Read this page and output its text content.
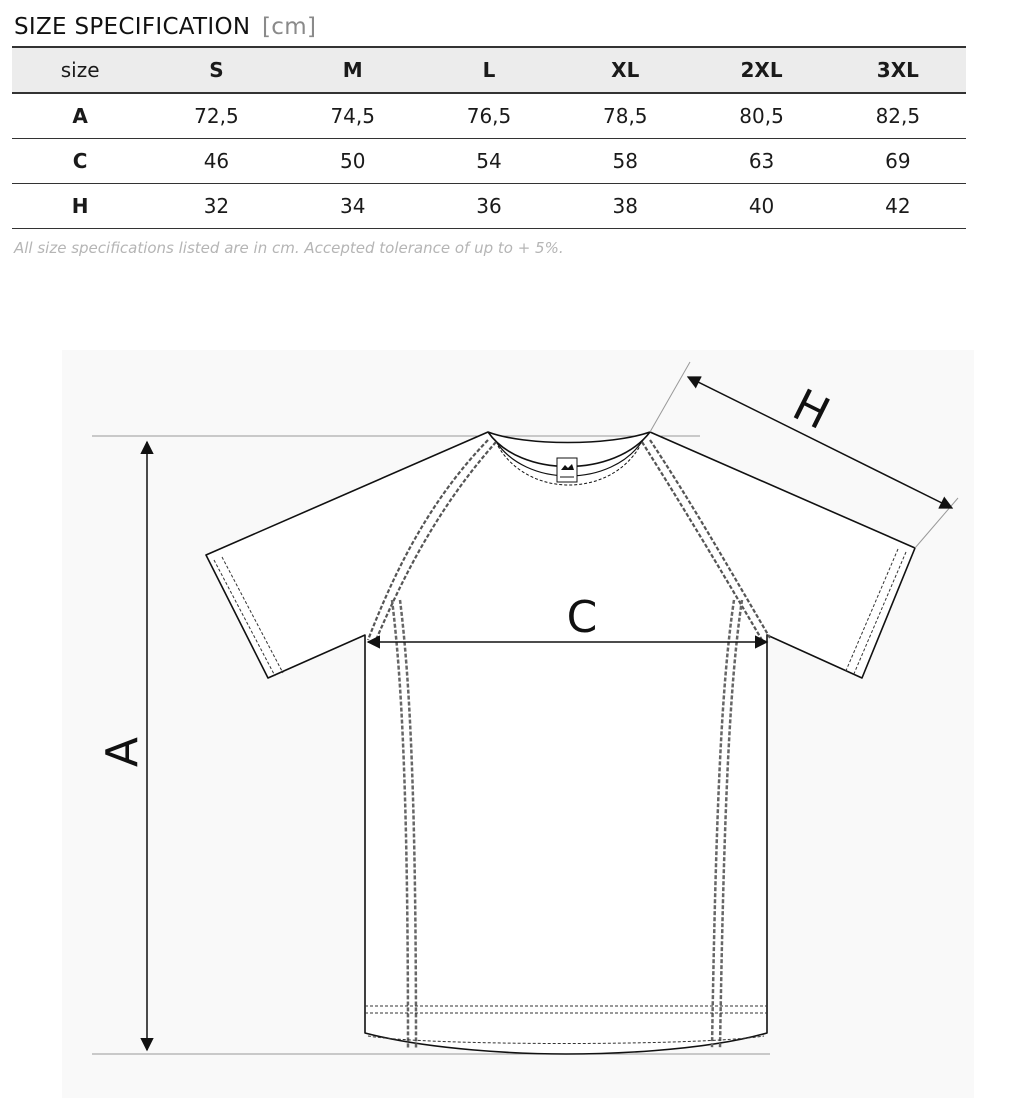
SIZE SPECIFICATION [cm]
size	S	M	L	XL	2XL	3XL
A	72,5	74,5	76,5	78,5	80,5	82,5
C	46	50	54	58	63	69
H	32	34	36	38	40	42
All size specifications listed are in cm. Accepted tolerance of up to + 5%.
A
C
H
